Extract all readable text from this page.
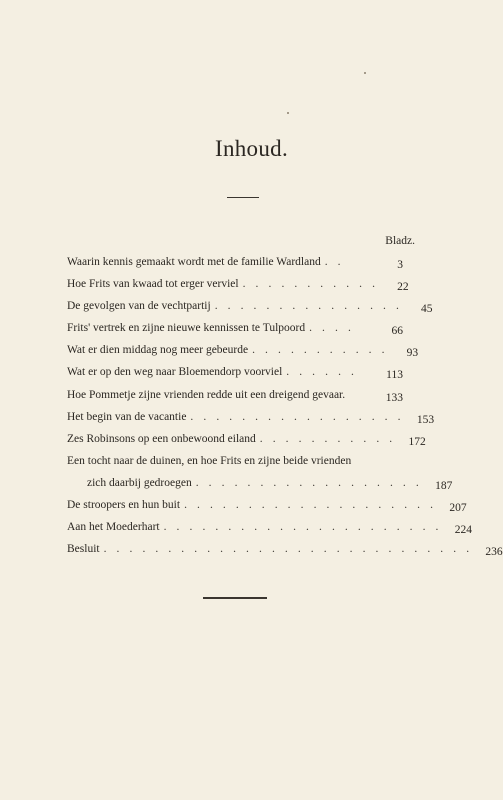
Inhoud.
Bladz.
Waarin kennis gemaakt wordt met de familie Wardland . .	3
Hoe Frits van kwaad tot erger verviel . . . . . . . . . . .	22
De gevolgen van de vechtpartij . . . . . . . . . . . . . . .	45
Frits' vertrek en zijne nieuwe kennissen te Tulpoord . . . .	66
Wat er dien middag nog meer gebeurde . . . . . . . . . . .	93
Wat er op den weg naar Bloemendorp voorviel . . . . . .	113
Hoe Pommetje zijne vrienden redde uit een dreigend gevaar.	133
Het begin van de vacantie . . . . . . . . . . . . . . . . .	153
Zes Robinsons op een onbewoond eiland . . . . . . . . . . .	172
Een tocht naar de duinen, en hoe Frits en zijne beide vrienden
zich daarbij gedroegen . . . . . . . . . . . . . . . . . .	187
De stroopers en hun buit . . . . . . . . . . . . . . . . . . . .	207
Aan het Moederhart . . . . . . . . . . . . . . . . . . . . . .	224
Besluit . . . . . . . . . . . . . . . . . . . . . . . . . . . . .	236
